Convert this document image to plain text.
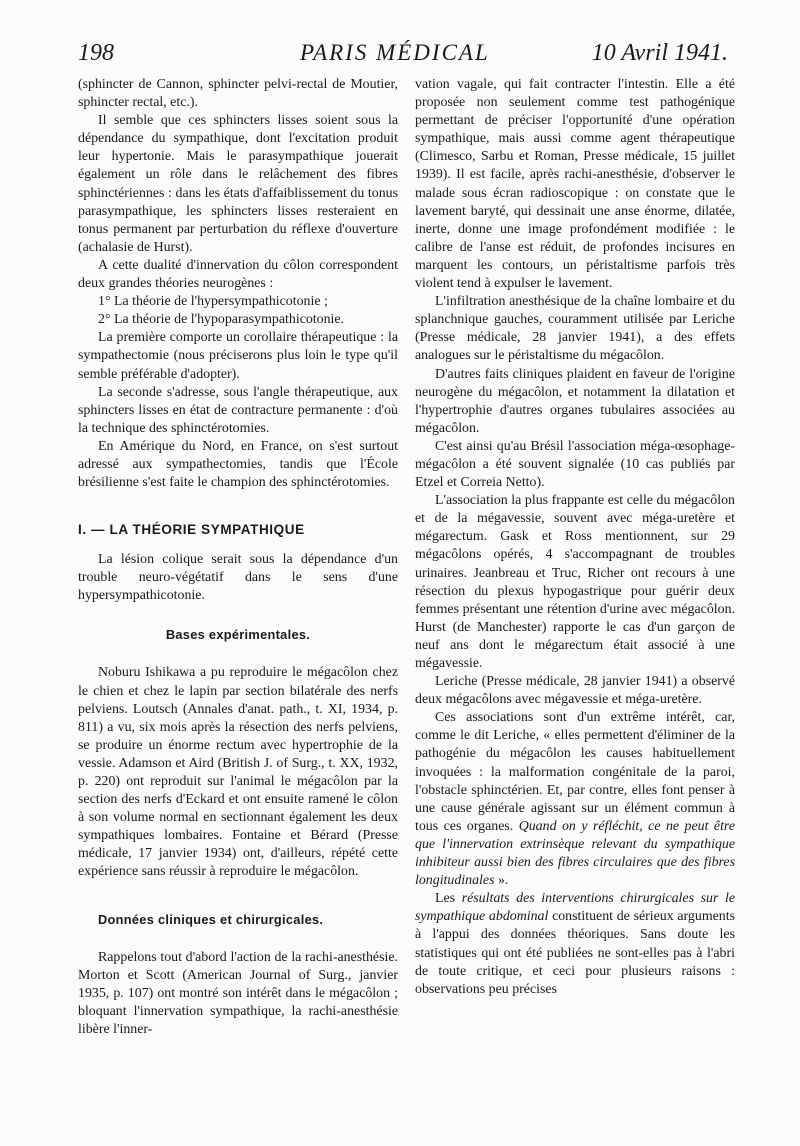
198	PARIS MÉDICAL	10 Avril 1941.

(sphincter de Cannon, sphincter pelvi-rectal de Moutier, sphincter rectal, etc.).

Il semble que ces sphincters lisses soient sous la dépendance du sympathique, dont l'excitation produit leur hypertonie. Mais le parasympathique jouerait également un rôle dans le relâchement des fibres sphinctériennes : dans les états d'affaiblissement du tonus parasympathique, les sphincters lisses resteraient en tonus permanent par perturbation du réflexe d'ouverture (achalasie de Hurst).

A cette dualité d'innervation du côlon correspondent deux grandes théories neurogènes :

1° La théorie de l'hypersympathicotonie ;

2° La théorie de l'hypoparasympathicotonie.

La première comporte un corollaire thérapeutique : la sympathectomie (nous préciserons plus loin le type qu'il semble préférable d'adopter).

La seconde s'adresse, sous l'angle thérapeutique, aux sphincters lisses en état de contracture permanente : d'où la technique des sphinctérotomies.

En Amérique du Nord, en France, on s'est surtout adressé aux sympathectomies, tandis que l'École brésilienne s'est faite le champion des sphinctérotomies.

I. — LA THÉORIE SYMPATHIQUE

La lésion colique serait sous la dépendance d'un trouble neuro-végétatif dans le sens d'une hypersympathicotonie.

Bases expérimentales.

Noburu Ishikawa a pu reproduire le mégacôlon chez le chien et chez le lapin par section bilatérale des nerfs pelviens. Loutsch (Annales d'anat. path., t. XI, 1934, p. 811) a vu, six mois après la résection des nerfs pelviens, se produire un énorme rectum avec hypertrophie de la vessie. Adamson et Aird (British J. of Surg., t. XX, 1932, p. 220) ont reproduit sur l'animal le mégacôlon par la section des nerfs d'Eckard et ont ensuite ramené le côlon à son volume normal en sectionnant également les deux sympathiques lombaires. Fontaine et Bérard (Presse médicale, 17 janvier 1934) ont, d'ailleurs, répété cette expérience sans réussir à reproduire le mégacôlon.

Données cliniques et chirurgicales.

Rappelons tout d'abord l'action de la rachi-anesthésie. Morton et Scott (American Journal of Surg., janvier 1935, p. 107) ont montré son intérêt dans le mégacôlon ; bloquant l'innervation sympathique, la rachi-anesthésie libère l'inner-

vation vagale, qui fait contracter l'intestin. Elle a été proposée non seulement comme test pathogénique permettant de préciser l'opportunité d'une opération sympathique, mais aussi comme agent thérapeutique (Climesco, Sarbu et Roman, Presse médicale, 15 juillet 1939). Il est facile, après rachi-anesthésie, d'observer le malade sous écran radioscopique : on constate que le lavement baryté, qui dessinait une anse énorme, dilatée, inerte, donne une image profondément modifiée : le calibre de l'anse est réduit, de profondes incisures en marquent les contours, un péristaltisme parfois très violent tend à expulser le lavement.

L'infiltration anesthésique de la chaîne lombaire et du splanchnique gauches, couramment utilisée par Leriche (Presse médicale, 28 janvier 1941), a des effets analogues sur le péristaltisme du mégacôlon.

D'autres faits cliniques plaident en faveur de l'origine neurogène du mégacôlon, et notamment la dilatation et l'hypertrophie d'autres organes tubulaires associées au mégacôlon.

C'est ainsi qu'au Brésil l'association méga-œsophage-mégacôlon a été souvent signalée (10 cas publiés par Etzel et Correia Netto).

L'association la plus frappante est celle du mégacôlon et de la mégavessie, souvent avec méga-uretère et mégarectum. Gask et Ross mentionnent, sur 29 mégacôlons opérés, 4 s'accompagnant de troubles urinaires. Jeanbreau et Truc, Richer ont recours à une résection du plexus hypogastrique pour guérir deux femmes présentant une rétention d'urine avec mégacôlon. Hurst (de Manchester) rapporte le cas d'un garçon de neuf ans dont le mégarectum était associé à une mégavessie.

Leriche (Presse médicale, 28 janvier 1941) a observé deux mégacôlons avec mégavessie et méga-uretère.

Ces associations sont d'un extrême intérêt, car, comme le dit Leriche, « elles permettent d'éliminer de la pathogénie du mégacôlon les causes habituellement invoquées : la malformation congénitale de la paroi, l'obstacle sphinctérien. Et, par contre, elles font penser à une cause générale agissant sur un élément commun à tous ces organes. Quand on y réfléchit, ce ne peut être que l'innervation extrinsèque relevant du sympathique inhibiteur aussi bien des fibres circulaires que des fibres longitudinales ».

Les résultats des interventions chirurgicales sur le sympathique abdominal constituent de sérieux arguments à l'appui des données théoriques. Sans doute les statistiques qui ont été publiées ne sont-elles pas à l'abri de toute critique, et ceci pour plusieurs raisons : observations peu précises
